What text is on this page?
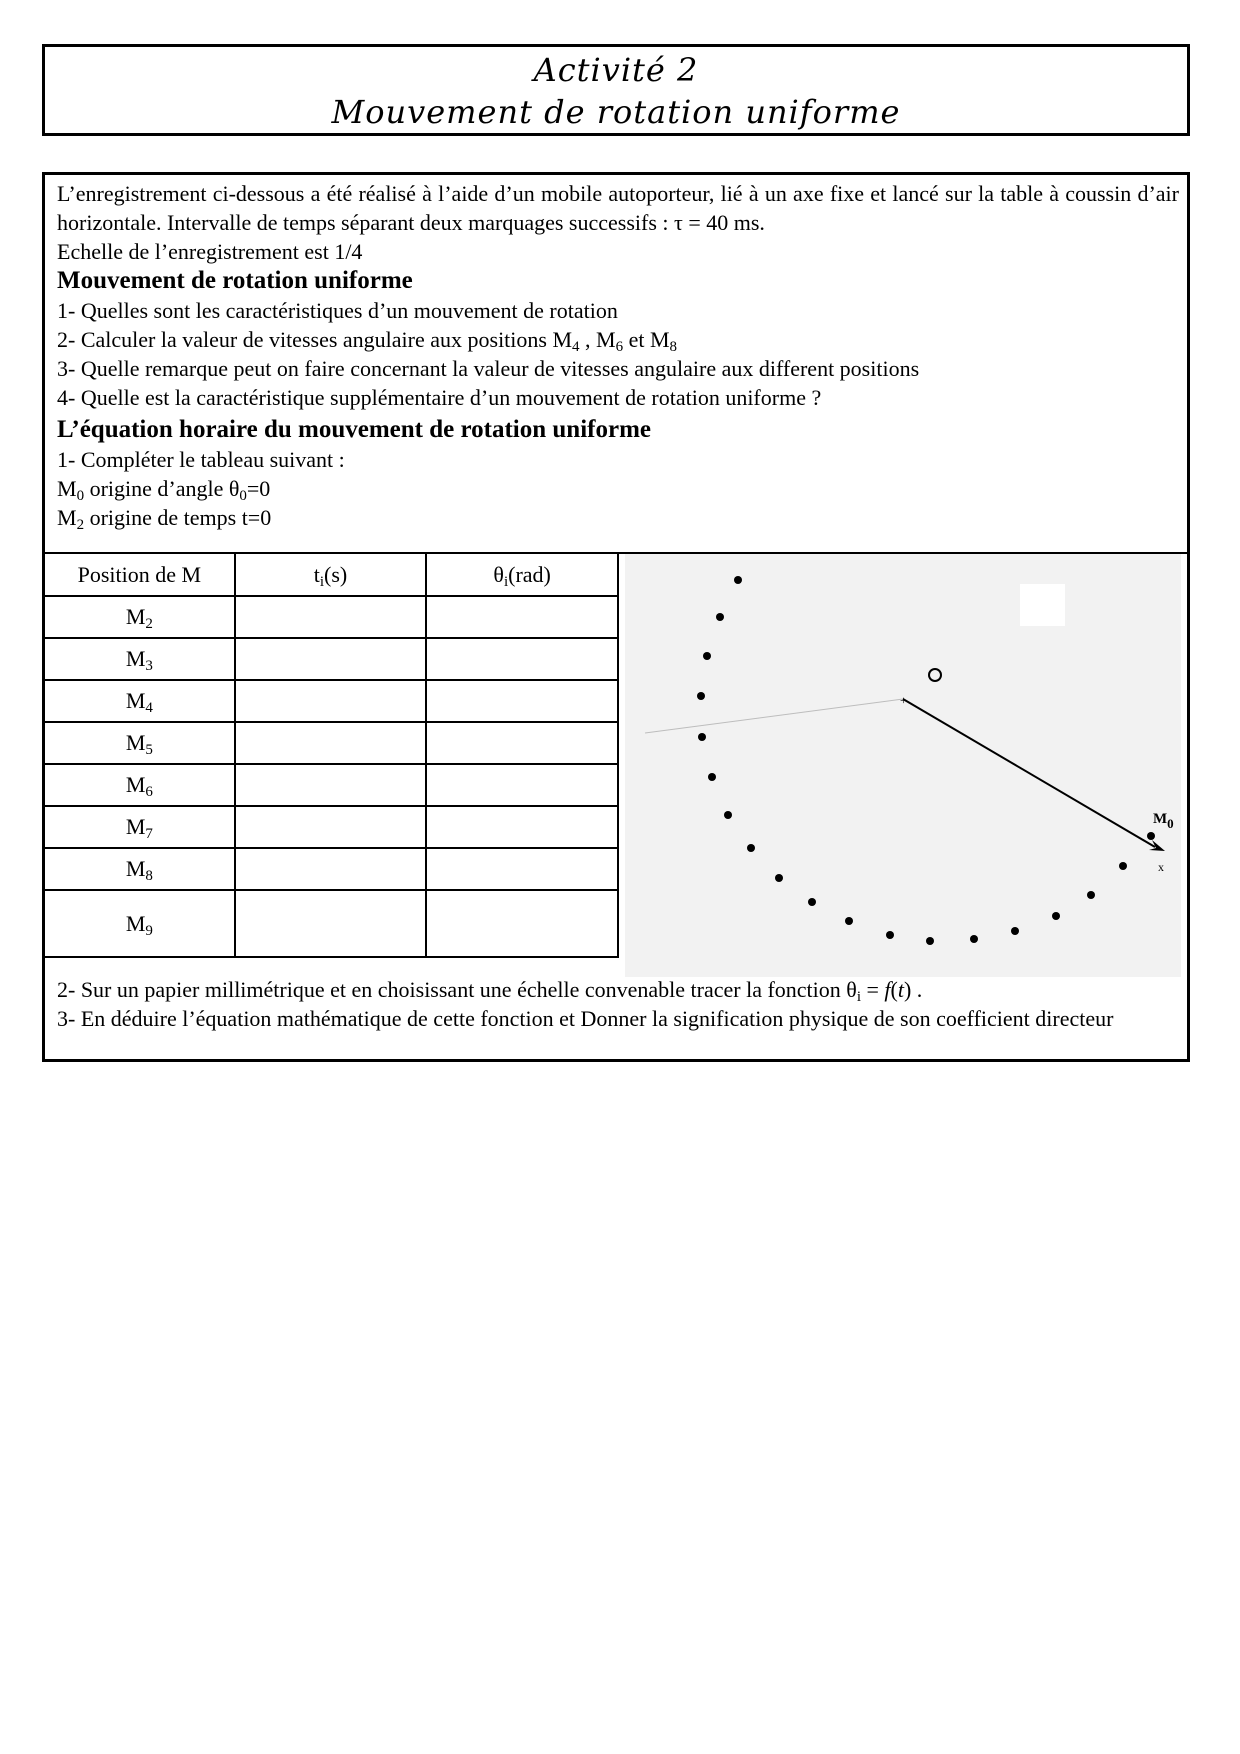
Activité 2
Mouvement de rotation uniforme

L’enregistrement ci-dessous a été réalisé à l’aide d’un mobile autoporteur, lié à un axe fixe et lancé sur la table à coussin d’air horizontale. Intervalle de temps séparant deux marquages successifs : τ = 40 ms.

Echelle de l’enregistrement est 1/4

Mouvement de rotation uniforme

1- Quelles sont les caractéristiques d’un mouvement de rotation

2- Calculer la valeur de vitesses angulaire aux positions $M_4$ , $M_6$ et $M_8$

3- Quelle remarque peut on faire concernant la valeur de vitesses angulaire aux different positions

4- Quelle est la caractéristique supplémentaire d’un mouvement de rotation uniforme ?

L’équation horaire du mouvement de rotation uniforme

1- Compléter le tableau suivant :

$M_0$ origine d’angle $\theta_0=0$

$M_2$ origine de temps t=0

Position de M	$t_i(s)$	$\theta_i(rad)$
$M_2$		
$M_3$		
$M_4$		
$M_5$		
$M_6$		
$M_7$		
$M_8$		
$M_9$		
+
M0
x

2- Sur un papier millimétrique et en choisissant une échelle convenable tracer la fonction $\theta_i = f(t)$ .

3- En déduire l’équation mathématique de cette fonction et Donner la signification physique de son coefficient directeur
